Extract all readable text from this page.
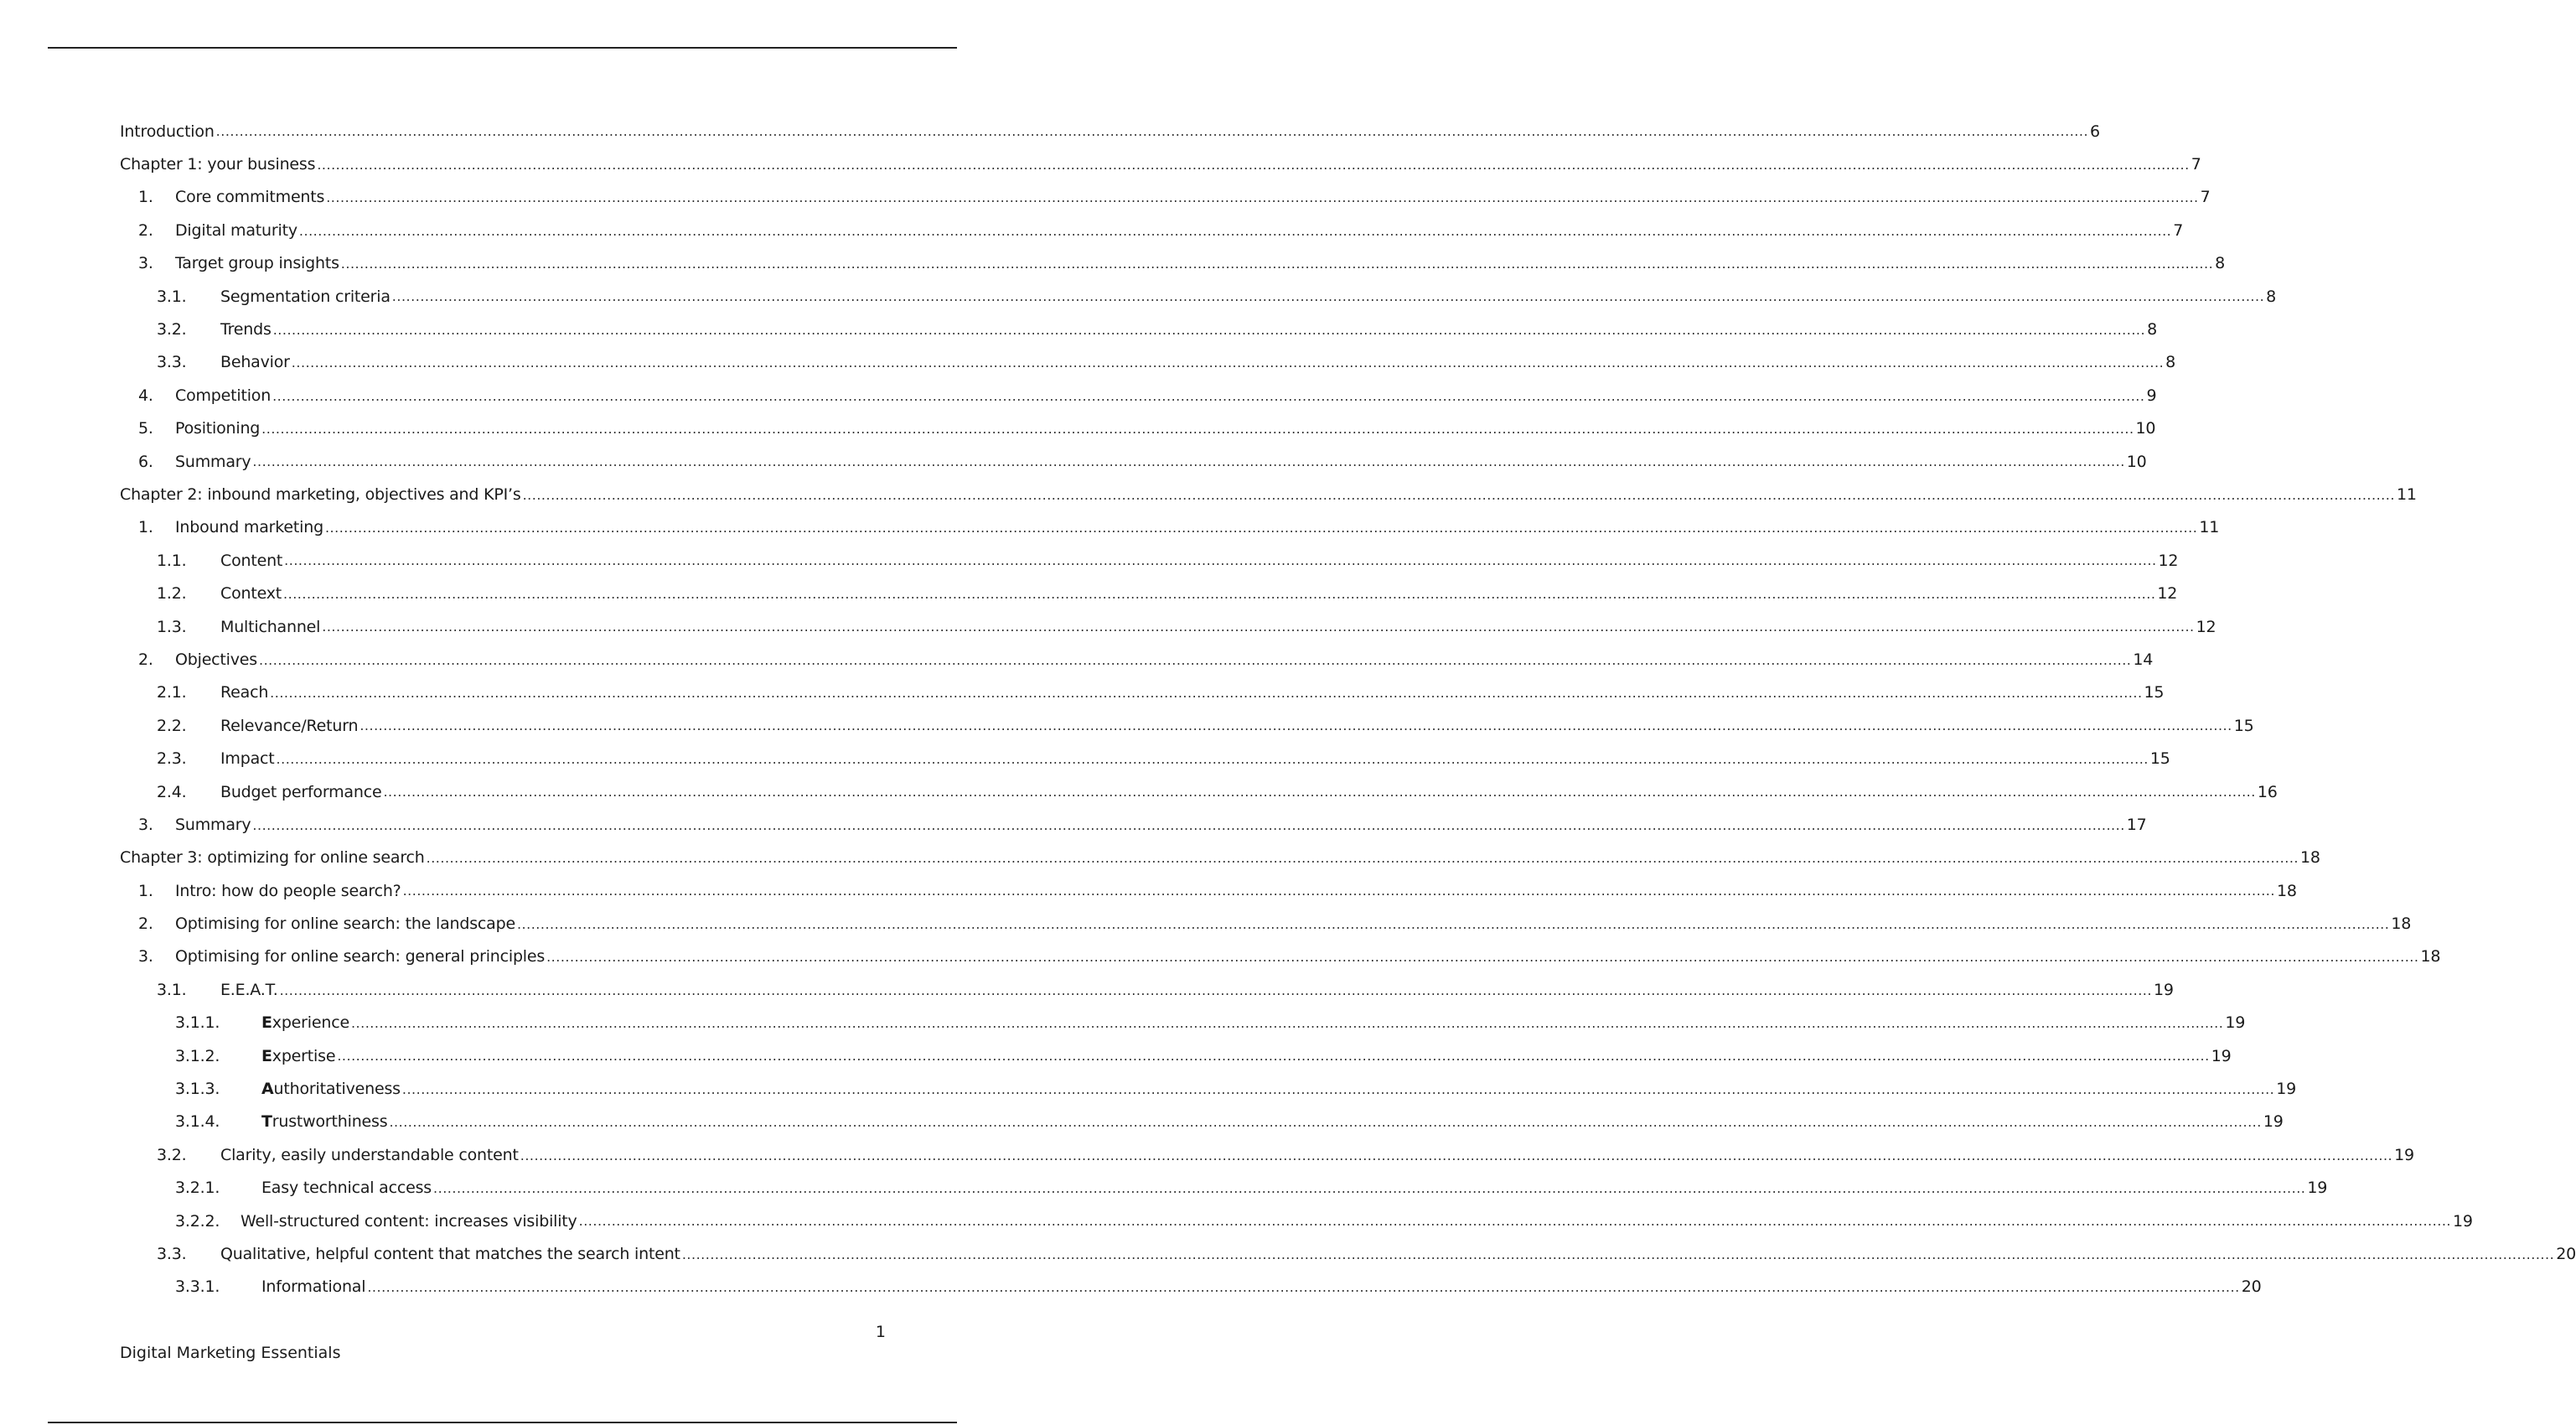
Introduction ................................................................................................................................................................................................................................................................................................................................................................................................................ 6
Chapter 1: your business ................................................................................................................................................................................................................................................................................................................................................................................................................ 7
1.	Core commitments ................................................................................................................................................................................................................................................................................................................................................................................................................ 7
2.	Digital maturity ................................................................................................................................................................................................................................................................................................................................................................................................................ 7
3.	Target group insights ................................................................................................................................................................................................................................................................................................................................................................................................................ 8
3.1.	Segmentation criteria ................................................................................................................................................................................................................................................................................................................................................................................................................ 8
3.2.	Trends ................................................................................................................................................................................................................................................................................................................................................................................................................ 8
3.3.	Behavior ................................................................................................................................................................................................................................................................................................................................................................................................................ 8
4.	Competition ................................................................................................................................................................................................................................................................................................................................................................................................................ 9
5.	Positioning ................................................................................................................................................................................................................................................................................................................................................................................................................ 10
6.	Summary ................................................................................................................................................................................................................................................................................................................................................................................................................ 10
Chapter 2: inbound marketing, objectives and KPI’s ................................................................................................................................................................................................................................................................................................................................................................................................................ 11
1.	Inbound marketing ................................................................................................................................................................................................................................................................................................................................................................................................................ 11
1.1.	Content ................................................................................................................................................................................................................................................................................................................................................................................................................ 12
1.2.	Context ................................................................................................................................................................................................................................................................................................................................................................................................................ 12
1.3.	Multichannel ................................................................................................................................................................................................................................................................................................................................................................................................................ 12
2.	Objectives ................................................................................................................................................................................................................................................................................................................................................................................................................ 14
2.1.	Reach ................................................................................................................................................................................................................................................................................................................................................................................................................ 15
2.2.	Relevance/Return ................................................................................................................................................................................................................................................................................................................................................................................................................ 15
2.3.	Impact ................................................................................................................................................................................................................................................................................................................................................................................................................ 15
2.4.	Budget performance ................................................................................................................................................................................................................................................................................................................................................................................................................ 16
3.	Summary ................................................................................................................................................................................................................................................................................................................................................................................................................ 17
Chapter 3: optimizing for online search ................................................................................................................................................................................................................................................................................................................................................................................................................ 18
1.	Intro: how do people search? ................................................................................................................................................................................................................................................................................................................................................................................................................ 18
2.	Optimising for online search: the landscape ................................................................................................................................................................................................................................................................................................................................................................................................................ 18
3.	Optimising for online search: general principles ................................................................................................................................................................................................................................................................................................................................................................................................................ 18
3.1.	E.E.A.T. ................................................................................................................................................................................................................................................................................................................................................................................................................ 19
3.1.1.	Experience ................................................................................................................................................................................................................................................................................................................................................................................................................ 19
3.1.2.	Expertise ................................................................................................................................................................................................................................................................................................................................................................................................................ 19
3.1.3.	Authoritativeness ................................................................................................................................................................................................................................................................................................................................................................................................................ 19
3.1.4.	Trustworthiness ................................................................................................................................................................................................................................................................................................................................................................................................................ 19
3.2.	Clarity, easily understandable content ................................................................................................................................................................................................................................................................................................................................................................................................................ 19
3.2.1.	Easy technical access ................................................................................................................................................................................................................................................................................................................................................................................................................ 19
3.2.2.	Well-structured content: increases visibility ................................................................................................................................................................................................................................................................................................................................................................................................................ 19
3.3.	Qualitative, helpful content that matches the search intent ................................................................................................................................................................................................................................................................................................................................................................................................................ 20
3.3.1.	Informational ................................................................................................................................................................................................................................................................................................................................................................................................................ 20
1
Digital Marketing Essentials
